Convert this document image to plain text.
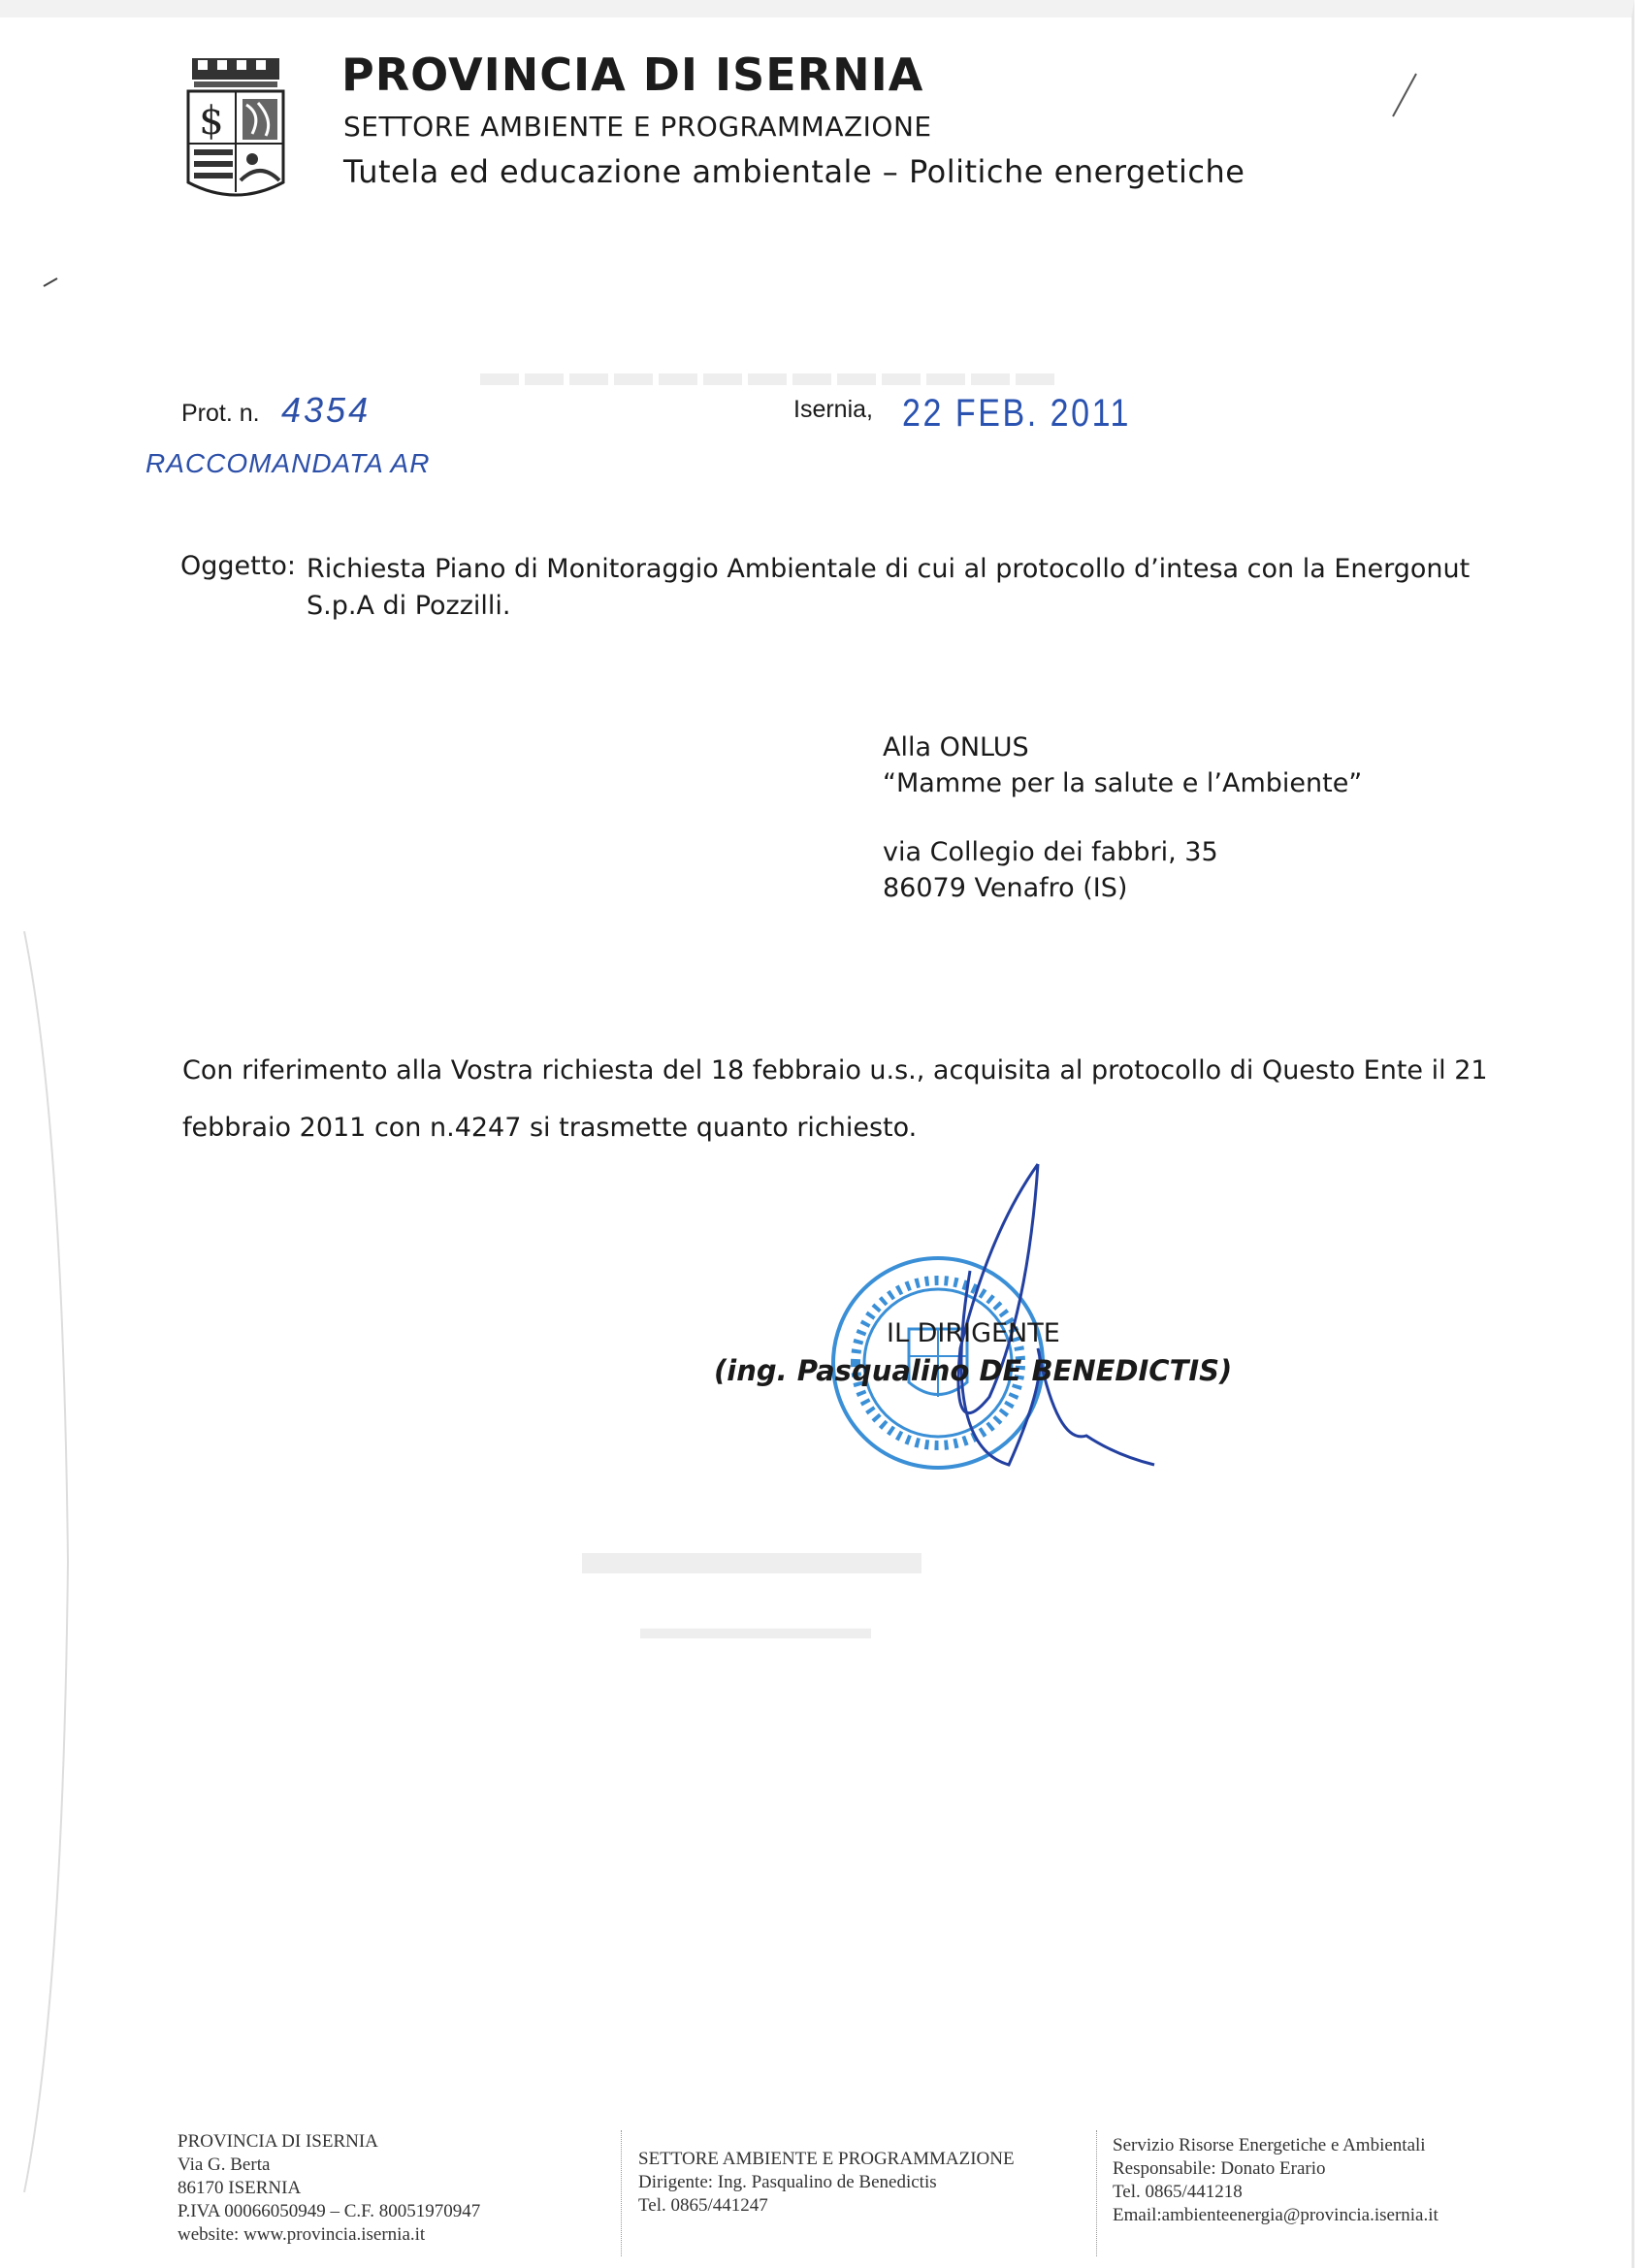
$
PROVINCIA DI ISERNIA
SETTORE AMBIENTE E PROGRAMMAZIONE
Tutela ed educazione ambientale – Politiche energetiche
▬▬▬▬▬▬▬▬▬▬▬▬▬
Prot. n. 4354
RACCOMANDATA AR
Isernia, 22 FEB. 2011
Oggetto: Richiesta Piano di Monitoraggio Ambientale di cui al protocollo d’intesa con la Energonut
S.p.A di Pozzilli.
Alla ONLUS
“Mamme per la salute e l’Ambiente”
via Collegio dei fabbri, 35
86079 Venafro (IS)
Con riferimento alla Vostra richiesta del 18 febbraio u.s., acquisita al protocollo di Questo Ente il 21 febbraio 2011 con n.4247 si trasmette quanto richiesto.
IL DIRIGENTE
(ing. Pasqualino DE BENEDICTIS)
▬▬▬▬▬
▬▬▬▬▬▬▬
PROVINCIA DI ISERNIA
Via G. Berta
86170 ISERNIA
P.IVA 00066050949 – C.F. 80051970947
website: www.provincia.isernia.it
SETTORE AMBIENTE E PROGRAMMAZIONE
Dirigente: Ing. Pasqualino de Benedictis
Tel. 0865/441247
Servizio Risorse Energetiche e Ambientali
Responsabile: Donato Erario
Tel. 0865/441218
Email:ambienteenergia@provincia.isernia.it
